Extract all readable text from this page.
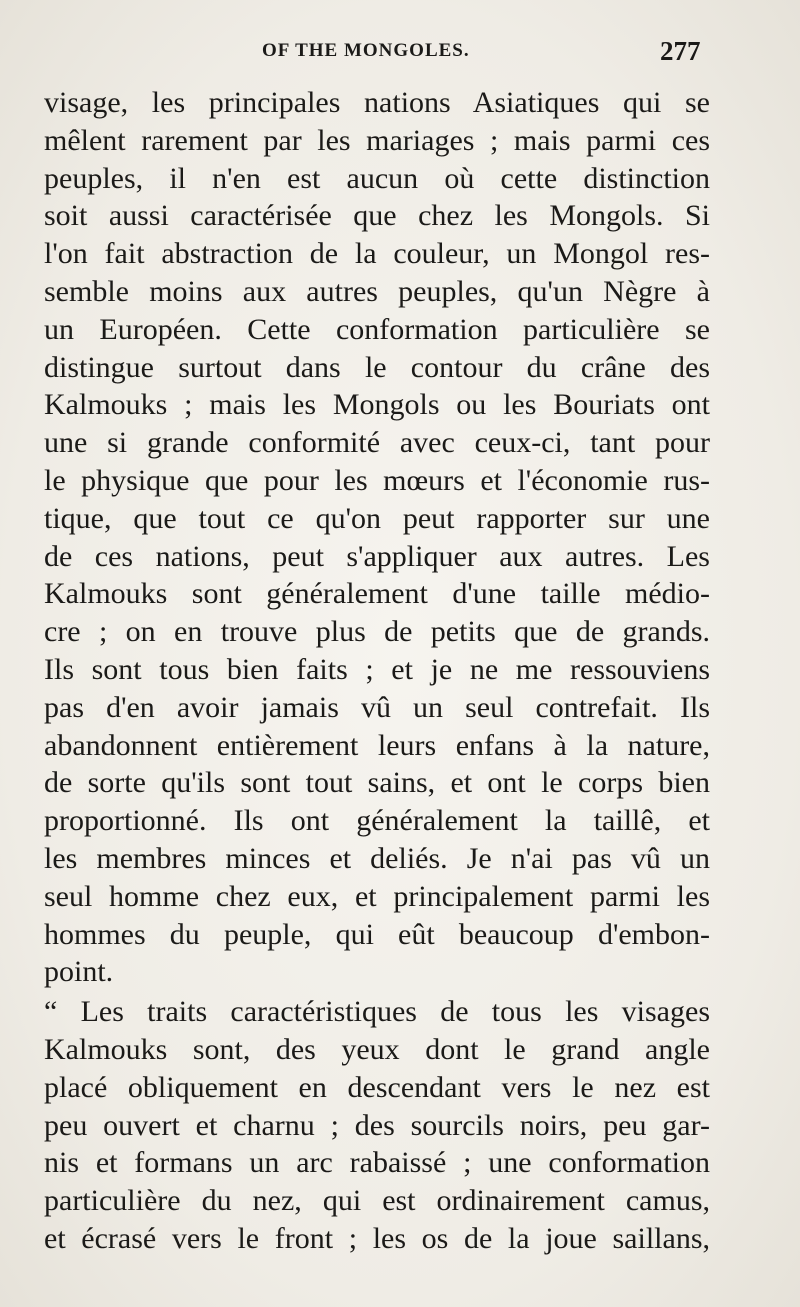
OF THE MONGOLES.	277
visage, les principales nations Asiatiques qui se
mêlent rarement par les mariages ; mais parmi ces
peuples, il n'en est aucun où cette distinction
soit aussi caractérisée que chez les Mongols. Si
l'on fait abstraction de la couleur, un Mongol res-
semble moins aux autres peuples, qu'un Nègre à
un Européen. Cette conformation particulière se
distingue surtout dans le contour du crâne des
Kalmouks ; mais les Mongols ou les Bouriats ont
une si grande conformité avec ceux-ci, tant pour
le physique que pour les mœurs et l'économie rus-
tique, que tout ce qu'on peut rapporter sur une
de ces nations, peut s'appliquer aux autres. Les
Kalmouks sont généralement d'une taille médio-
cre ; on en trouve plus de petits que de grands.
Ils sont tous bien faits ; et je ne me ressouviens
pas d'en avoir jamais vû un seul contrefait. Ils
abandonnent entièrement leurs enfans à la nature,
de sorte qu'ils sont tout sains, et ont le corps bien
proportionné. Ils ont généralement la taillê, et
les membres minces et deliés. Je n'ai pas vû un
seul homme chez eux, et principalement parmi les
hommes du peuple, qui eût beaucoup d'embon-
point.
“ Les traits caractéristiques de tous les visages
Kalmouks sont, des yeux dont le grand angle
placé obliquement en descendant vers le nez est
peu ouvert et charnu ; des sourcils noirs, peu gar-
nis et formans un arc rabaissé ; une conformation
particulière du nez, qui est ordinairement camus,
et écrasé vers le front ; les os de la joue saillans,
